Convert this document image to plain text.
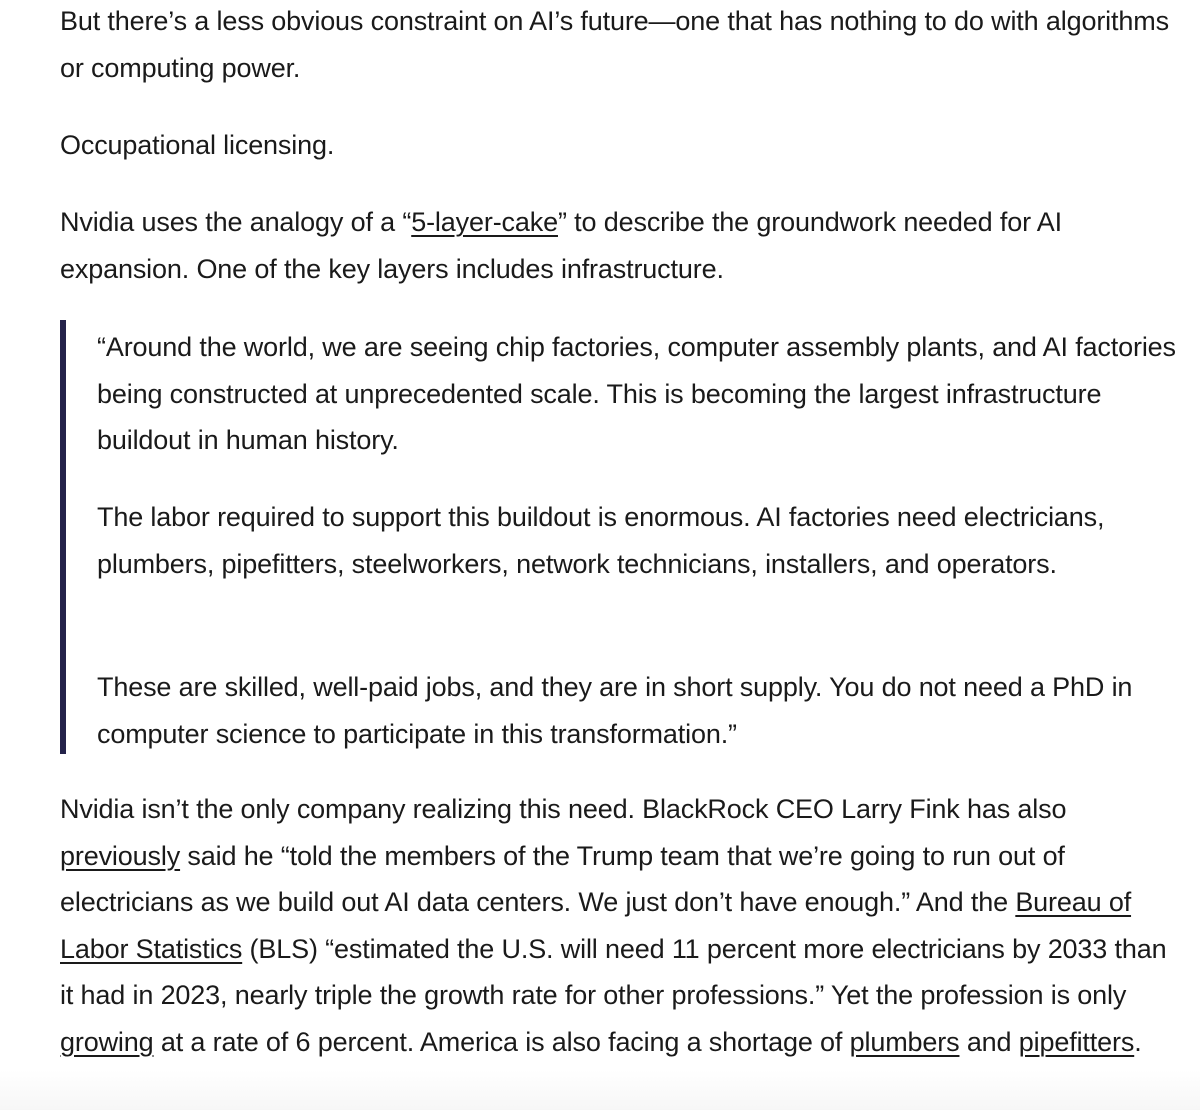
But there’s a less obvious constraint on AI’s future—one that has nothing to do with algorithms or computing power.

Occupational licensing.

Nvidia uses the analogy of a “5-layer-cake” to describe the groundwork needed for AI expansion. One of the key layers includes infrastructure.

“Around the world, we are seeing chip factories, computer assembly plants, and AI factories being constructed at unprecedented scale. This is becoming the largest infrastructure buildout in human history.

The labor required to support this buildout is enormous. AI factories need electricians, plumbers, pipefitters, steelworkers, network technicians, installers, and operators.

These are skilled, well-paid jobs, and they are in short supply. You do not need a PhD in computer science to participate in this transformation.”

Nvidia isn’t the only company realizing this need. BlackRock CEO Larry Fink has also previously said he “told the members of the Trump team that we’re going to run out of electricians as we build out AI data centers. We just don’t have enough.” And the Bureau of Labor Statistics (BLS) “estimated the U.S. will need 11 percent more electricians by 2033 than it had in 2023, nearly triple the growth rate for other professions.” Yet the profession is only growing at a rate of 6 percent. America is also facing a shortage of plumbers and pipefitters.
